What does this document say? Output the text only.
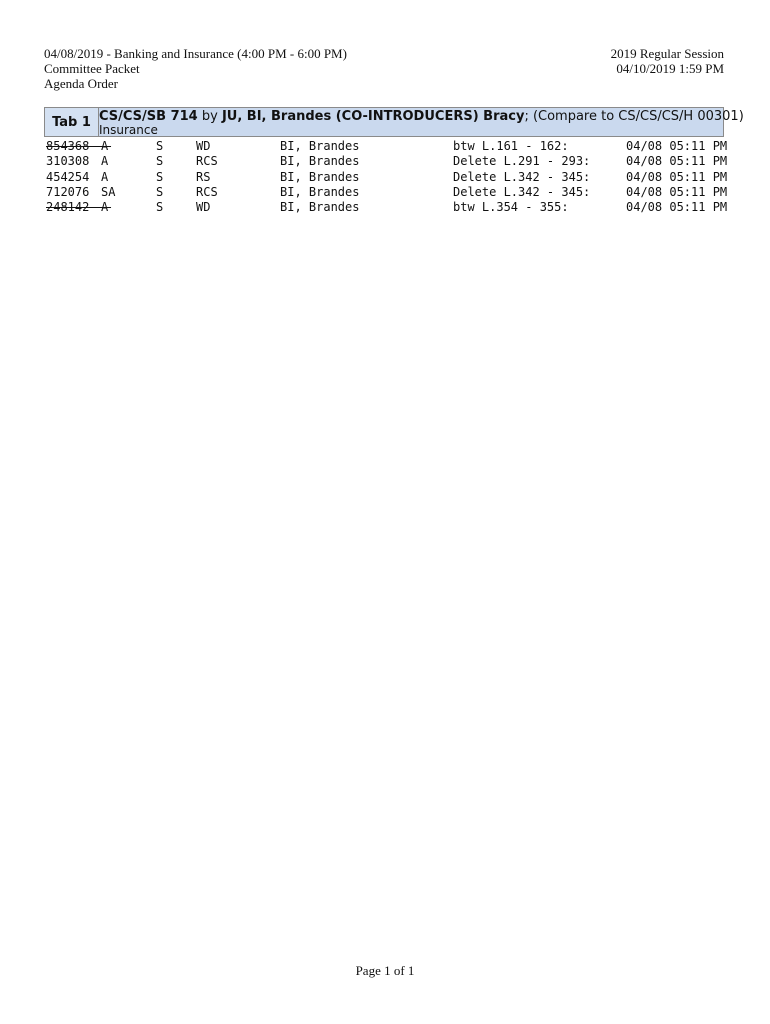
04/08/2019 - Banking and Insurance (4:00 PM - 6:00 PM)
Committee Packet
Agenda Order
2019 Regular Session
04/10/2019 1:59 PM
Tab 1 CS/CS/SB 714 by JU, BI, Brandes (CO-INTRODUCERS) Bracy; (Compare to CS/CS/CS/H 00301)
Insurance
854368 A	S	WD	BI, Brandes	btw L.161 - 162:	04/08 05:11 PM

310308 A	S	RCS	BI, Brandes	Delete L.291 - 293:	04/08 05:11 PM
454254 A	S	RS	BI, Brandes	Delete L.342 - 345:	04/08 05:11 PM
712076 SA	S	RCS	BI, Brandes	Delete L.342 - 345:	04/08 05:11 PM
248142 A	S	WD	BI, Brandes	btw L.354 - 355:	04/08 05:11 PM

Page 1 of 1
